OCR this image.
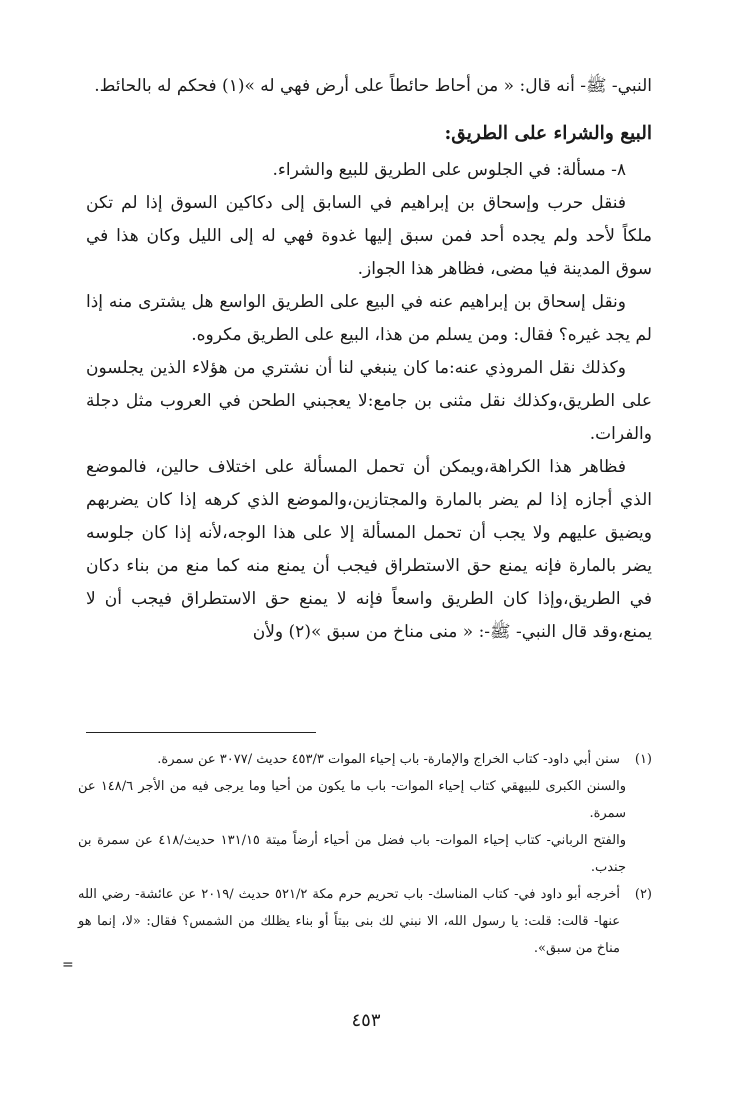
النبي- ﷺ- أنه قال: « من أحاط حائطاً على أرض فهي له »(١) فحكم له بالحائط.

البيع والشراء على الطريق:

٨- مسألة: في الجلوس على الطريق للبيع والشراء.

فنقل حرب وإسحاق بن إبراهيم في السابق إلى دكاكين السوق إذا لم تكن ملكاً لأحد ولم يجده أحد فمن سبق إليها غدوة فهي له إلى الليل وكان هذا في سوق المدينة فيا مضى، فظاهر هذا الجواز.

ونقل إسحاق بن إبراهيم عنه في البيع على الطريق الواسع هل يشترى منه إذا لم يجد غيره؟ فقال: ومن يسلم من هذا، البيع على الطريق مكروه.

وكذلك نقل المروذي عنه:ما كان ينبغي لنا أن نشتري من هؤلاء الذين يجلسون على الطريق،وكذلك نقل مثنى بن جامع:لا يعجبني الطحن في العروب مثل دجلة والفرات.

فظاهر هذا الكراهة،ويمكن أن تحمل المسألة على اختلاف حالين، فالموضع الذي أجازه إذا لم يضر بالمارة والمجتازين،والموضع الذي كرهه إذا كان يضربهم ويضيق عليهم ولا يجب أن تحمل المسألة إلا على هذا الوجه،لأنه إذا كان جلوسه يضر بالمارة فإنه يمنع حق الاستطراق فيجب أن يمنع منه كما منع من بناء دكان في الطريق،وإذا كان الطريق واسعاً فإنه لا يمنع حق الاستطراق فيجب أن لا يمنع،وقد قال النبي- ﷺ-: « منى مناخ من سبق »(٢) ولأن

(١)
سنن أبي داود- كتاب الخراج والإمارة- باب إحياء الموات ٤٥٣/٣ حديث /٣٠٧٧ عن سمرة.
والسنن الكبرى للبيهقي كتاب إحياء الموات- باب ما يكون من أحيا وما يرجى فيه من الأجر ١٤٨/٦ عن سمرة.
والفتح الرباني- كتاب إحياء الموات- باب فضل من أحياء أرضاً ميتة ١٣١/١٥ حديث/٤١٨ عن سمرة بن جندب.
(٢)
أخرجه أبو داود في- كتاب المناسك- باب تحريم حرم مكة ٥٢١/٢ حديث /٢٠١٩ عن عائشة- رضي الله عنها- قالت: قلت: يا رسول الله، الا نبني لك بنى بيتاً أو بناء يظلك من الشمس؟ فقال: «لا، إنما هو مناخ من سبق».
=
٤٥٣
